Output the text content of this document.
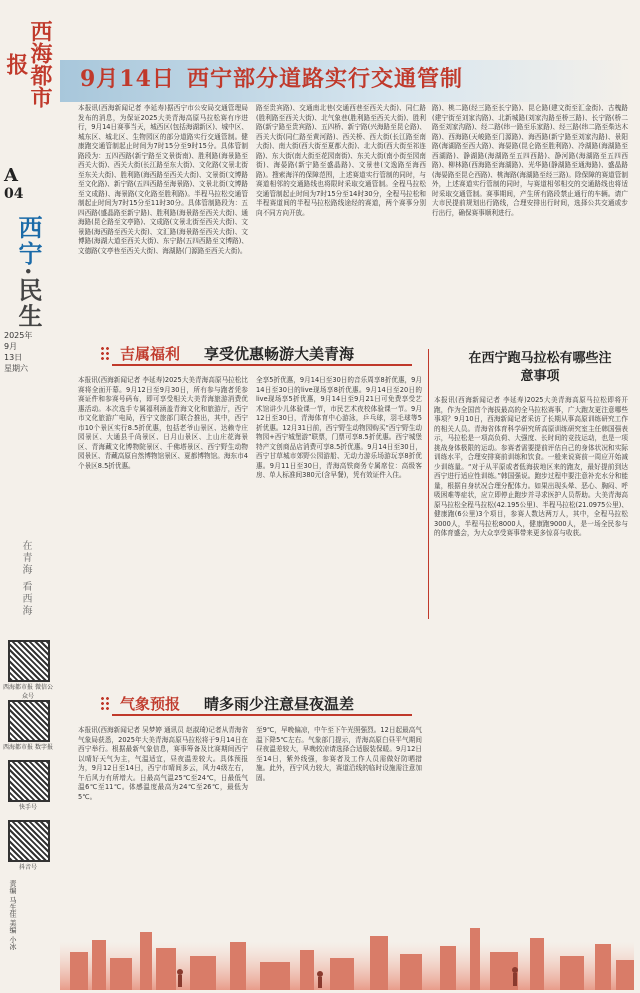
西海都市报
A
04
西宁·民生
2025年
9月
13日
星期六
在青海 看西海
西海都市报 微信公众号
西海都市报 数字报
快手号
抖音号
责编 马生佳 美编 小冰
9月14日 西宁部分道路实行交通管制
本报讯(西海新闻记者 李延寿)据西宁市公安局交通管理局发布的消息，为保证2025大美青海高原马拉松赛有序进行，9月14日赛事当天，城西区(包括海湖新区)、城中区、城东区、城北区、生物园区的部分道路实行交通管制。健康跑交通管制起止时间为7时15分至9时15分。具体管制路段为：五四西路(新宁路至文景街南)、胜利路(海景路至西关大街)、西关大街(长江路至东大街)、文化路(文景北街至东关大街)、胜利路(海西路至西关大街)、文景街(文博路至文化路)、新宁路(五四西路至海景路)、文景北街(文博路至文成路)、海景路(文化路至胜利路)。半程马拉松交通管制起止时间为7时15分至11时30分。具体管制路段为：五四西路(盛晶路至新宁路)、胜利路(海景路至西关大街)、通海路(昆仑路至文亭路)、文成路(文景北街至西关大街)、文景路(海西路至西关大街)、文汇路(海景路至西关大街)、文博路(海湖大道至西关大街)、东宁路(五四西路至文博路)、文德路(文亭巷至西关大街)、海湖路(门源路至西关大街)。
路至贵宾路)、交通南北巷(交通西巷至西关大街)、同仁路(胜利路至西关大街)、北气象巷(胜利路至西关大街)、胜利路(新宁路至贵宾路)、五四桥、新宁路(兴海路至昆仑路)、西关大街(同仁路至黄河路)、西关桥、西大街(长江路至南大街)、南大街(西大街至夏都大街)、北大街(西大街至祁连路)、东大街(南大街至花园南街)、东关大街(南小街至园南街)、海晏路(新宁路至盛晶路)、文景巷(文逸路至海西路)。搜索海洋的保障范围，上述赛道实行管制的同时，与赛道相邻的交通路线也将限时采取交通管制。全程马拉松交通管制起止时间为7时15分至14时30分，全程马拉松和半程赛道间的半程马拉松路线途经的赛道，两个赛事分别向不同方向开放。
路)、桃二路(经三路至长宁路)、昆仑路(建文街至汇金街)、古槐路(建宁街至刘家沟路)、北新城路(刘家沟路至桥三路)、长宁路(桥二路至刘家沟路)、经二路(纬一路至乐家路)、经三路(纬二路至柴达木路)、西海路(天峻路至门源路)、海西路(新宁路至刘家沟路)、景阳路(海湖路至西大路)、海晏路(昆仑路至胜利路)、冷湖路(海湖路至西湖路)、静湖路(海湖路至五四西路)、静河路(海湖路至五四西路)、柳林路(西海路至海湖路)、光华路(静湖路至通海路)、盛晶路(海晏路至昆仑西路)、桃海路(海湖路至经三路)。除保障的赛道管制外，上述赛道实行管制的同时，与赛道相邻相交的交通路线也将适时采取交通管制。赛事期间，产生所有路段禁止通行的车辆。请广大市民提前规划出行路线，合理安排出行时间，选择公共交通或步行出行，确保赛事顺利进行。
吉属福利	享受优惠畅游大美青海
本报讯(西海新闻记者 李延寿)2025大美青海高原马拉松比赛将全面开幕。9月12日至9月30日，所有参与跑者凭参赛证件和参赛号码布，即可享受相关大美青海旅游消费优惠活动。本次选手专属福利涵盖青海文化和旅游厅，西宁市文化旅游广电局，西宁文旅部门联合推出，其中，西宁市10个景区实行8.5折优惠，包括老爷山景区、达赖寺庄园景区、大通县千尚景区、日月山景区、上山庄花海景区、青海藏文化博物院景区、千佛塔景区、西宁野生动物园景区、青藏高原自然博物馆景区、夏都博物馆。海东市4个景区8.5折优惠。
全享5折优惠，9月14日至30日的音乐周享8折优惠，9月14日至30日的live现场享8折优惠。9月14日至20日的live现场享5折优惠，9月14日至9月21日可免费享受艺术馆讲少儿体验课一节，市民艺术夜校体验课一节。9月12日至30日，青海体育中心游泳，乒乓球，羽毛球等5折优惠。12月31日前，西宁野生动物园购买“西宁野生动物园+西宁城堡游”联票，门票可享8.5折优惠。西宁城堡特产文创商品店消费可享8.5折优惠。9月14日至30日，西宁甘草城市郊野公园游船、无动力游乐场游玩享8折优惠。9月11日至30日，青海高铁商务专属席位：高级客房、单人标准间380元(含早餐)，凭有效证件入住。
气象预报	晴多雨少注意昼夜温差
本报讯(西海新闻记者 吴梦婷 通讯员 赵淑琦)记者从青海省气象局获悉，2025年大美青海高原马拉松将于9月14日在西宁举行。根据最新气象信息，赛事筹备及比赛期间西宁以晴好天气为主，气温适宜，昼夜温差较大。具体预报为，9月12日至14日，西宁市晴间多云，风力4级左右，午后风力有所增大。日最高气温25℃至24℃，日最低气温6℃至11℃。体感温度最高为24℃至26℃，最低为5℃。
至9℃，早晚偏凉，中午至下午光照强烈。12日起最高气温下降5℃左右。气象部门提示，青海高原白昼平气期间昼夜温差较大，早晚较凉请选择合适服装保暖。9月12日至14日，紫外线强，参赛者及工作人员需做好防晒措施。此外，西宁风力较大，赛道沿线的临时设施需注意加固。
在西宁跑马拉松有哪些注意事项
本报讯(西海新闻记者 李延寿)2025大美青海高原马拉松即将开跑，作为全国首个海拔最高的全马拉松赛事，广大跑友更注意哪些事项？9月10日，西海新闻记者采访了长期从事高原训练研究工作的相关人员。青海省体育科学研究所高原训练研究室主任韩国强表示，马拉松是一项高负荷、大强度、长时间的竞技运动，也是一项挑战身体极限的运动。参赛者需要提前评估自己的身体状况和实际训练水平，合理安排赛前训练和饮食。一般来说赛前一周应开始减少训练量。“对于从平原或者低海拔地区来的跑友，最好提前到达西宁进行适应性训练。”韩国强说。跑步过程中要注意补充水分和能量，根据自身状况合理分配体力。如果出现头晕、恶心、胸闷、呼吸困难等症状，应立即停止跑步并寻求医护人员帮助。大美青海高原马拉松全程马拉松(42.195公里)、半程马拉松(21.0975公里)、健康跑(6公里)3个项目，参赛人数达两万人，其中，全程马拉松3000人，半程马拉松8000人，健康跑9000人，是一场全民参与的体育盛会，为大众享受赛事带来更多惊喜与收获。
